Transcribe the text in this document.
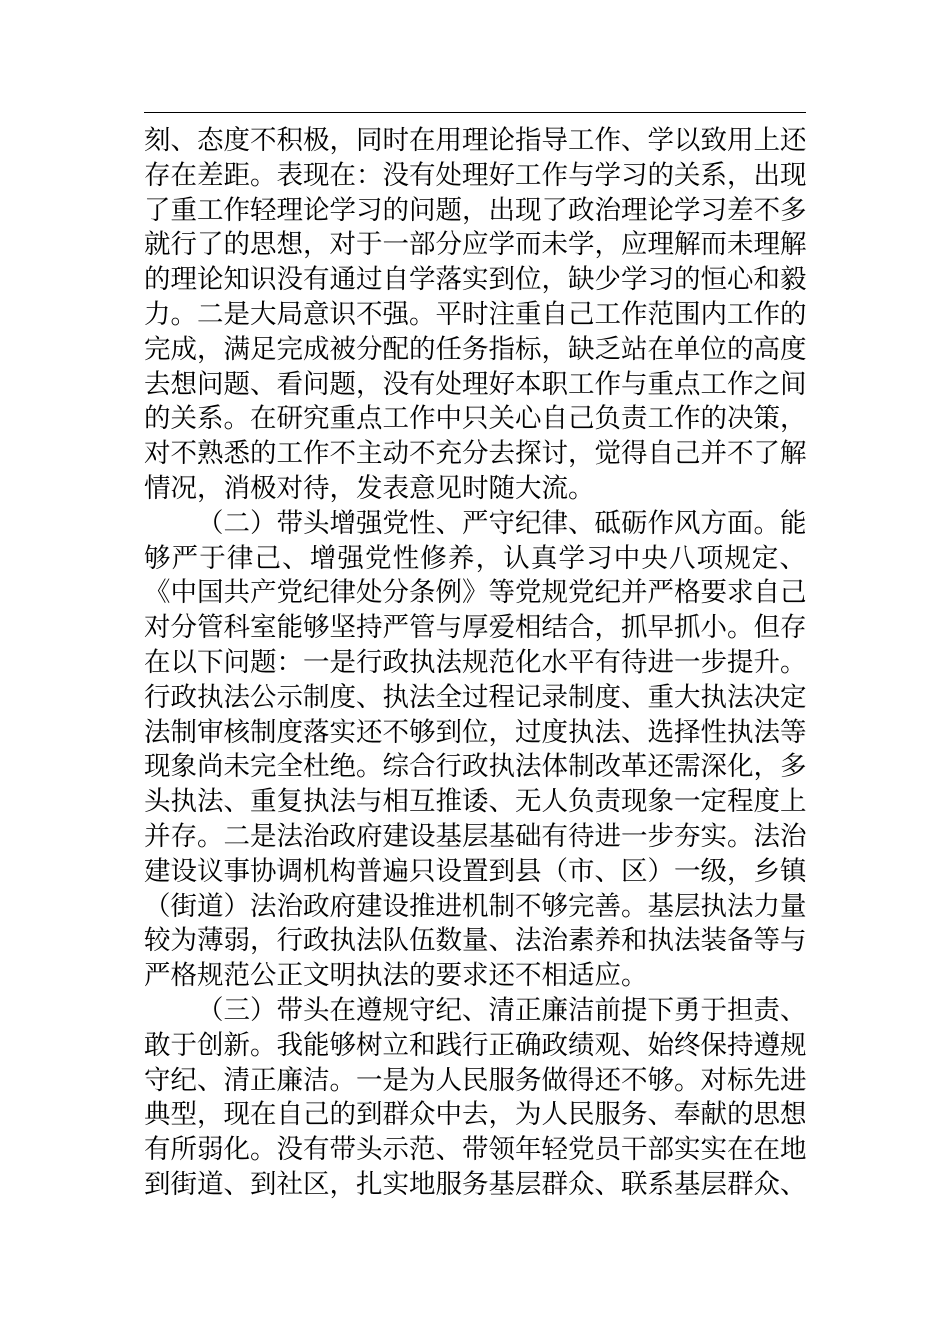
刻、态度不积极，同时在用理论指导工作、学以致用上还
存在差距。表现在：没有处理好工作与学习的关系，出现
了重工作轻理论学习的问题，出现了政治理论学习差不多
就行了的思想，对于一部分应学而未学，应理解而未理解
的理论知识没有通过自学落实到位，缺少学习的恒心和毅
力。二是大局意识不强。平时注重自己工作范围内工作的
完成，满足完成被分配的任务指标，缺乏站在单位的高度
去想问题、看问题，没有处理好本职工作与重点工作之间
的关系。在研究重点工作中只关心自己负责工作的决策，
对不熟悉的工作不主动不充分去探讨，觉得自己并不了解
情况，消极对待，发表意见时随大流。
（二）带头增强党性、严守纪律、砥砺作风方面。能
够严于律己、增强党性修养，认真学习中央八项规定、
《中国共产党纪律处分条例》等党规党纪并严格要求自己
对分管科室能够坚持严管与厚爱相结合，抓早抓小。但存
在以下问题：一是行政执法规范化水平有待进一步提升。
行政执法公示制度、执法全过程记录制度、重大执法决定
法制审核制度落实还不够到位，过度执法、选择性执法等
现象尚未完全杜绝。综合行政执法体制改革还需深化，多
头执法、重复执法与相互推诿、无人负责现象一定程度上
并存。二是法治政府建设基层基础有待进一步夯实。法治
建设议事协调机构普遍只设置到县（市、区）一级，乡镇
（街道）法治政府建设推进机制不够完善。基层执法力量
较为薄弱，行政执法队伍数量、法治素养和执法装备等与
严格规范公正文明执法的要求还不相适应。
（三）带头在遵规守纪、清正廉洁前提下勇于担责、
敢于创新。我能够树立和践行正确政绩观、始终保持遵规
守纪、清正廉洁。一是为人民服务做得还不够。对标先进
典型，现在自己的到群众中去，为人民服务、奉献的思想
有所弱化。没有带头示范、带领年轻党员干部实实在在地
到街道、到社区，扎实地服务基层群众、联系基层群众、
